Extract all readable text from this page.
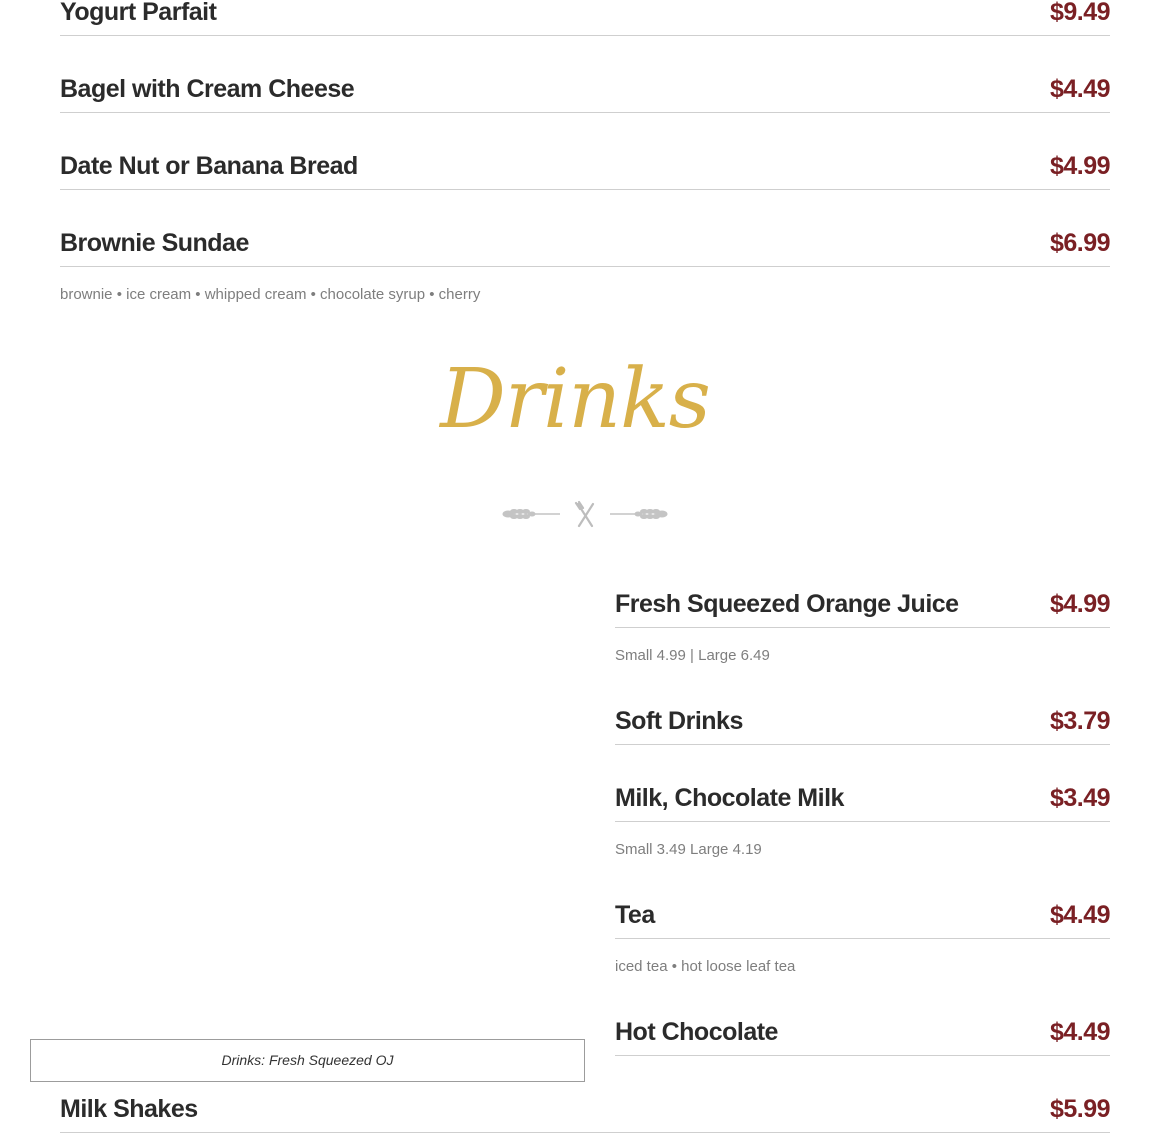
Yogurt Parfait	$9.49
Bagel with Cream Cheese	$4.49
Date Nut or Banana Bread	$4.99
Brownie Sundae	$6.99
brownie • ice cream • whipped cream • chocolate syrup • cherry
Drinks
Fresh Squeezed Orange Juice	$4.99
Small 4.99 | Large 6.49
Soft Drinks	$3.79
Milk, Chocolate Milk	$3.49
Small 3.49 Large 4.19
Tea	$4.49
iced tea • hot loose leaf tea
Hot Chocolate	$4.49
Drinks: Fresh Squeezed OJ
Milk Shakes	$5.99
